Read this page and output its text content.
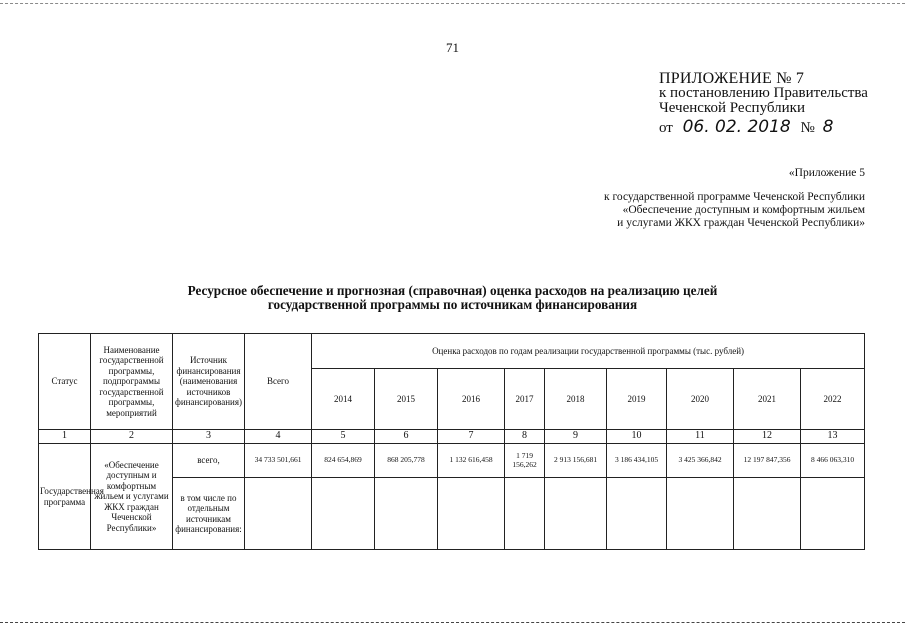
71
ПРИЛОЖЕНИЕ № 7
к постановлению Правительства
Чеченской Республики
от 06. 02. 2018 № 8
«Приложение 5
к государственной программе Чеченской Республики
«Обеспечение доступным и комфортным жильем
и услугами ЖКХ граждан Чеченской Республики»
Ресурсное обеспечение и прогнозная (справочная) оценка расходов на реализацию целей
государственной программы по источникам финансирования
Статус	Наименование государственной программы, подпрограммы государственной программы, мероприятий	Источник финансирования (наименования источников финансирования)	Всего	Оценка расходов по годам реализации государственной программы (тыс. рублей)								
				2014	2015	2016	2017	2018	2019	2020	2021	2022
1	2	3	4	5	6	7	8	9	10	11	12	13
Государственная программа	«Обеспечение доступным и комфортным жильем и услугами ЖКХ граждан Чеченской Республики»	всего,	34 733 501,661	824 654,869	868 205,778	1 132 616,458	1 719 156,262	2 913 156,681	3 186 434,105	3 425 366,842	12 197 847,356	8 466 063,310
		в том числе по отдельным источникам финансирования:										
